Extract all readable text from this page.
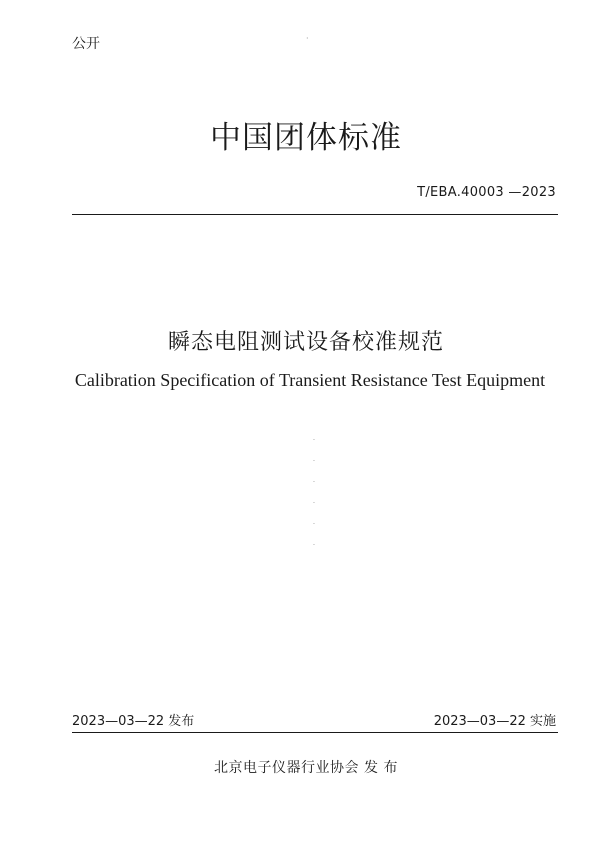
公开	·
中国团体标准
T/EBA.40003 —2023
瞬态电阻测试设备校准规范
Calibration Specification of Transient Resistance Test Equipment
·
·
·
·
·
·
2023—03—22 发布	2023—03—22 实施
北京电子仪器行业协会 发 布
